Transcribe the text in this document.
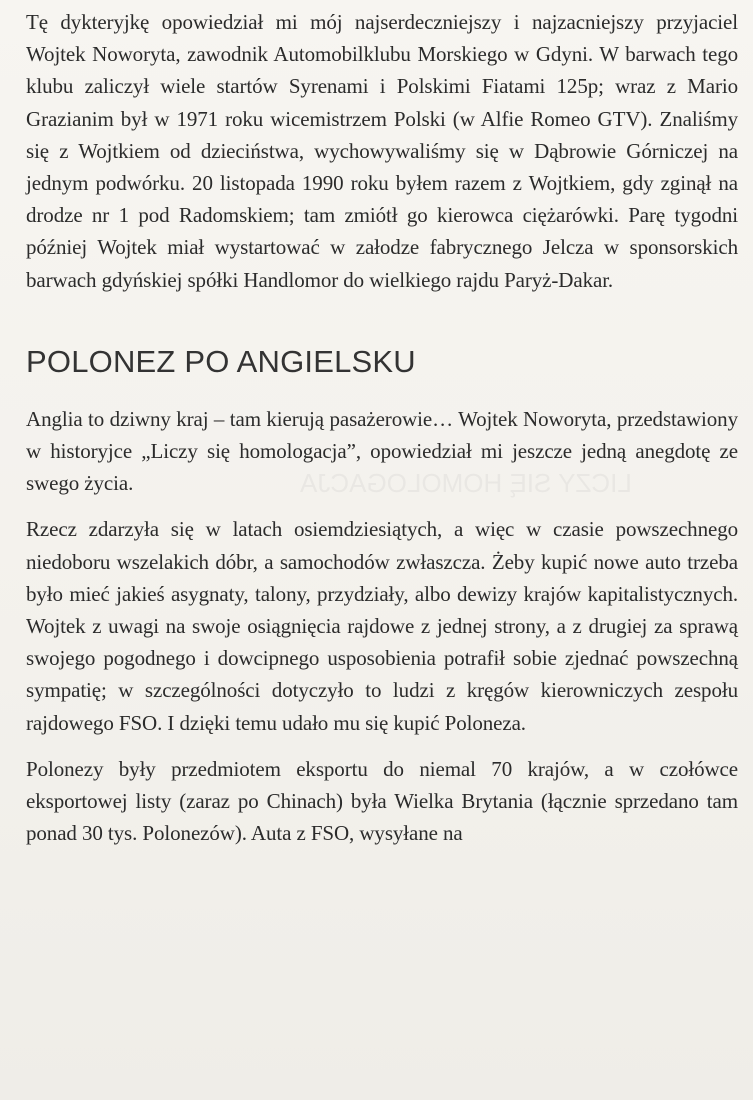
LICZY SIĘ HOMOLOGACJA

Tę dykteryjkę opowiedział mi mój najserdeczniejszy i najzacniejszy przyjaciel Wojtek Noworyta, zawodnik Automobilklubu Morskiego w Gdyni. W barwach tego klubu zaliczył wiele startów Syrenami i Polskimi Fiatami 125p; wraz z Mario Grazianim był w 1971 roku wicemistrzem Polski (w Alfie Romeo GTV). Znaliśmy się z Wojtkiem od dzieciństwa, wychowywaliśmy się w Dąbrowie Górniczej na jednym podwórku. 20 listopada 1990 roku byłem razem z Wojtkiem, gdy zginął na drodze nr 1 pod Radomskiem; tam zmiótł go kierowca ciężarówki. Parę tygodni później Wojtek miał wystartować w załodze fabrycznego Jelcza w sponsorskich barwach gdyńskiej spółki Handlomor do wielkiego rajdu Paryż-Dakar.

POLONEZ PO ANGIELSKU

Anglia to dziwny kraj – tam kierują pasażerowie… Wojtek Noworyta, przedstawiony w historyjce „Liczy się homologacja”, opowiedział mi jeszcze jedną anegdotę ze swego życia.

Rzecz zdarzyła się w latach osiemdziesiątych, a więc w czasie powszechnego niedoboru wszelakich dóbr, a samochodów zwłaszcza. Żeby kupić nowe auto trzeba było mieć jakieś asygnaty, talony, przydziały, albo dewizy krajów kapitalistycznych. Wojtek z uwagi na swoje osiągnięcia rajdowe z jednej strony, a z drugiej za sprawą swojego pogodnego i dowcipnego usposobienia potrafił sobie zjednać powszechną sympatię; w szczególności dotyczyło to ludzi z kręgów kierowniczych zespołu rajdowego FSO. I dzięki temu udało mu się kupić Poloneza.

Polonezy były przedmiotem eksportu do niemal 70 krajów, a w czołówce eksportowej listy (zaraz po Chinach) była Wielka Brytania (łącznie sprzedano tam ponad 30 tys. Polonezów). Auta z FSO, wysyłane na
